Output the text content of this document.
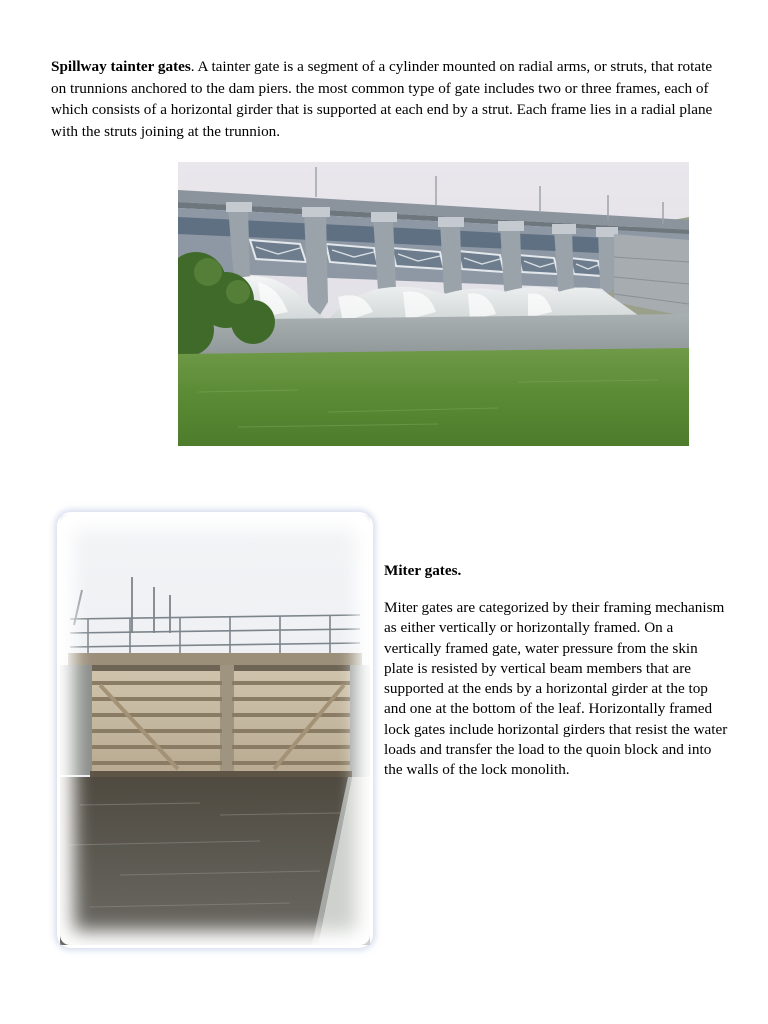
Spillway tainter gates. A tainter gate is a segment of a cylinder mounted on radial arms, or struts, that rotate on trunnions anchored to the dam piers. the most common type of gate includes two or three frames, each of which consists of a horizontal girder that is supported at each end by a strut. Each frame lies in a radial plane with the struts joining at the trunnion.

Miter gates.

Miter gates are categorized by their framing mechanism as either vertically or horizontally framed. On a vertically framed gate, water pressure from the skin plate is resisted by vertical beam members that are supported at the ends by a horizontal girder at the top and one at the bottom of the leaf. Horizontally framed lock gates include horizontal girders that resist the water loads and transfer the load to the quoin block and into the walls of the lock monolith.
